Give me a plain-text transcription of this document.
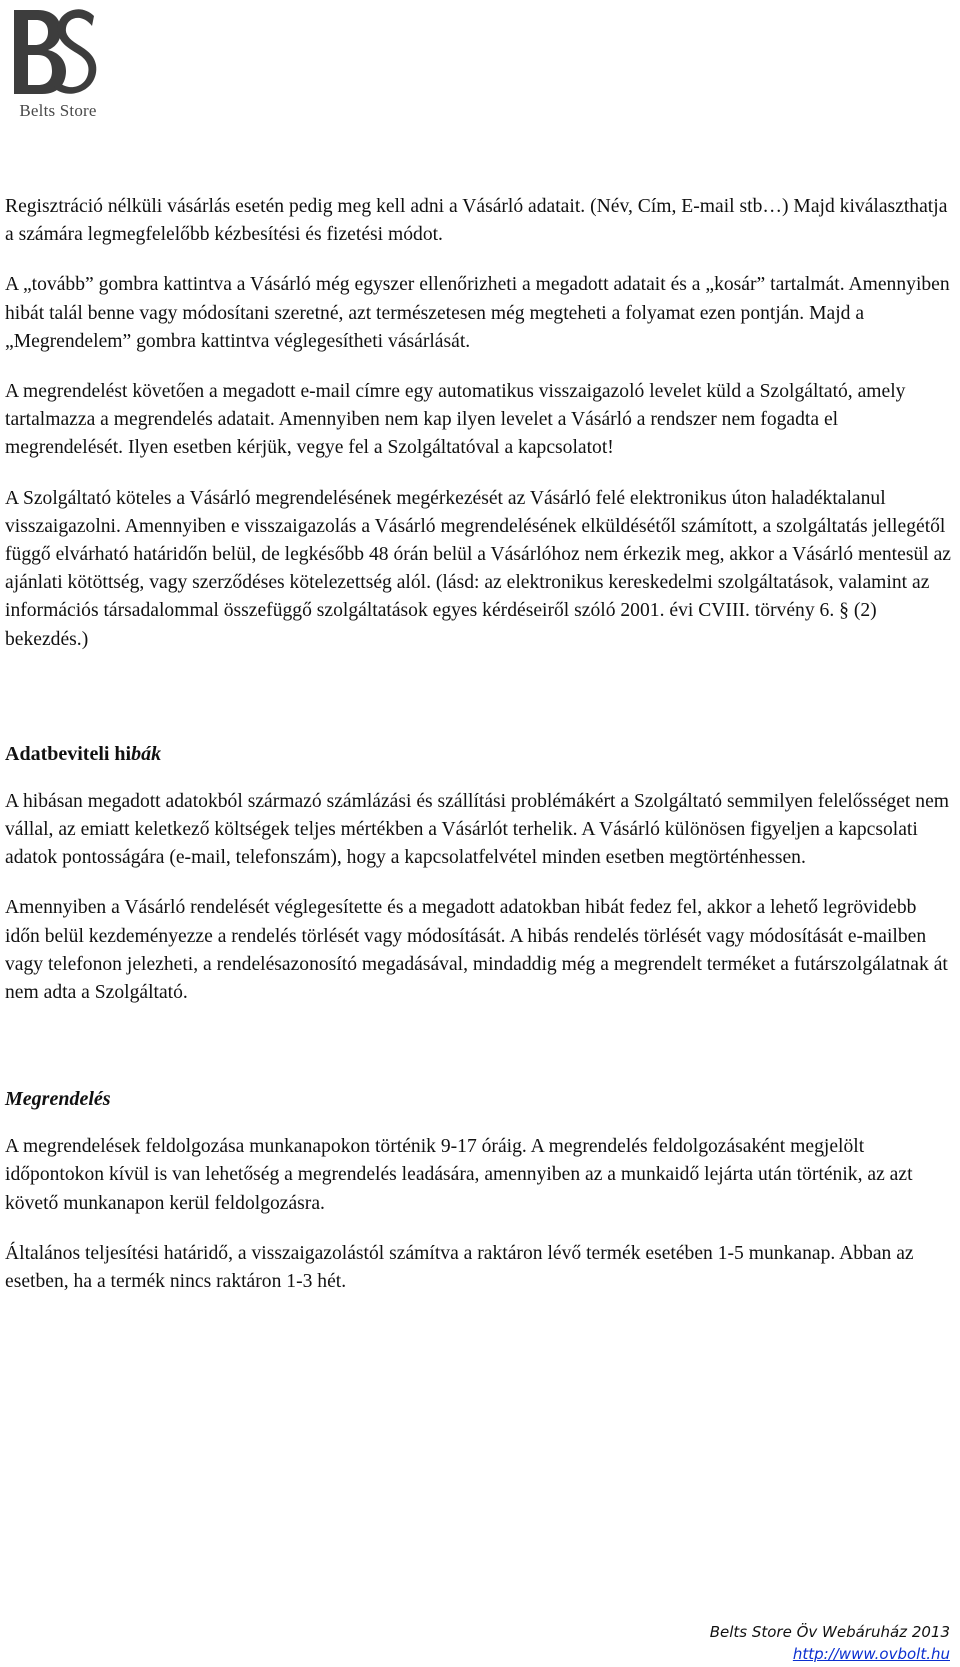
Belts Store

Regisztráció nélküli vásárlás esetén pedig meg kell adni a Vásárló adatait. (Név, Cím, E-mail stb…) Majd kiválaszthatja a számára legmegfelelőbb kézbesítési és fizetési módot.

A „tovább” gombra kattintva a Vásárló még egyszer ellenőrizheti a megadott adatait és a „kosár” tartalmát. Amennyiben hibát talál benne vagy módosítani szeretné, azt természetesen még megteheti a folyamat ezen pontján. Majd a „Megrendelem” gombra kattintva véglegesítheti vásárlását.

A megrendelést követően a megadott e-mail címre egy automatikus visszaigazoló levelet küld a Szolgáltató, amely tartalmazza a megrendelés adatait. Amennyiben nem kap ilyen levelet a Vásárló a rendszer nem fogadta el megrendelését. Ilyen esetben kérjük, vegye fel a Szolgáltatóval a kapcsolatot!

A Szolgáltató köteles a Vásárló megrendelésének megérkezését az Vásárló felé elektronikus úton haladéktalanul visszaigazolni. Amennyiben e visszaigazolás a Vásárló megrendelésének elküldésétől számított, a szolgáltatás jellegétől függő elvárható határidőn belül, de legkésőbb 48 órán belül a Vásárlóhoz nem érkezik meg, akkor a Vásárló mentesül az ajánlati kötöttség, vagy szerződéses kötelezettség alól. (lásd: az elektronikus kereskedelmi szolgáltatások, valamint az információs társadalommal összefüggő szolgáltatások egyes kérdéseiről szóló 2001. évi CVIII. törvény 6. § (2) bekezdés.)

Adatbeviteli hibák

A hibásan megadott adatokból származó számlázási és szállítási problémákért a Szolgáltató semmilyen felelősséget nem vállal, az emiatt keletkező költségek teljes mértékben a Vásárlót terhelik. A Vásárló különösen figyeljen a kapcsolati adatok pontosságára (e-mail, telefonszám), hogy a kapcsolatfelvétel minden esetben megtörténhessen.

Amennyiben a Vásárló rendelését véglegesítette és a megadott adatokban hibát fedez fel, akkor a lehető legrövidebb időn belül kezdeményezze a rendelés törlését vagy módosítását. A hibás rendelés törlését vagy módosítását e-mailben vagy telefonon jelezheti, a rendelésazonosító megadásával, mindaddig még a megrendelt terméket a futárszolgálatnak át nem adta a Szolgáltató.

Megrendelés

A megrendelések feldolgozása munkanapokon történik 9-17 óráig. A megrendelés feldolgozásaként megjelölt időpontokon kívül is van lehetőség a megrendelés leadására, amennyiben az a munkaidő lejárta után történik, az azt követő munkanapon kerül feldolgozásra.

Általános teljesítési határidő, a visszaigazolástól számítva a raktáron lévő termék esetében 1-5 munkanap. Abban az esetben, ha a termék nincs raktáron 1-3 hét.

Belts Store Öv Webáruház 2013
http://www.ovbolt.hu
